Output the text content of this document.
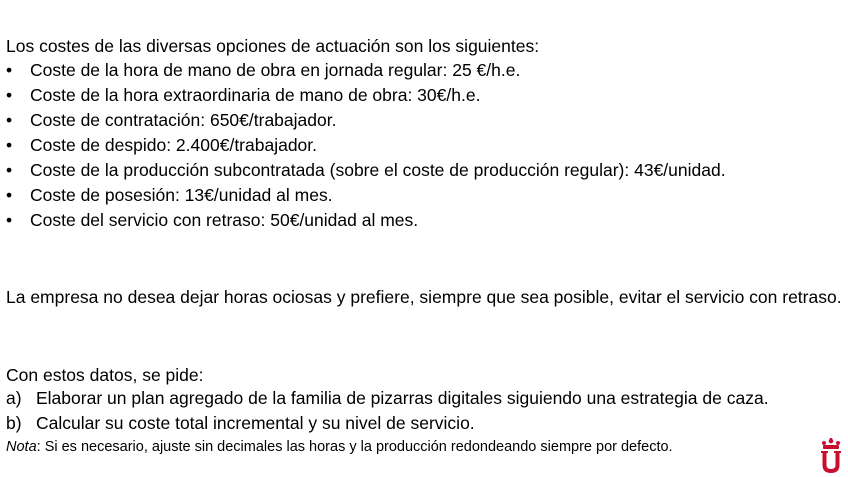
Los costes de las diversas opciones de actuación son los siguientes:
•	Coste de la hora de mano de obra en jornada regular: 25 €/h.e.
•	Coste de la hora extraordinaria de mano de obra: 30€/h.e.
•	Coste de contratación: 650€/trabajador.
•	Coste de despido: 2.400€/trabajador.
•	Coste de la producción subcontratada (sobre el coste de producción regular): 43€/unidad.
•	Coste de posesión: 13€/unidad al mes.
•	Coste del servicio con retraso: 50€/unidad al mes.
La empresa no desea dejar horas ociosas y prefiere, siempre que sea posible, evitar el servicio con retraso.
Con estos datos, se pide:
a) Elaborar un plan agregado de la familia de pizarras digitales siguiendo una estrategia de caza.
b) Calcular su coste total incremental y su nivel de servicio.
Nota: Si es necesario, ajuste sin decimales las horas y la producción redondeando siempre por defecto.
